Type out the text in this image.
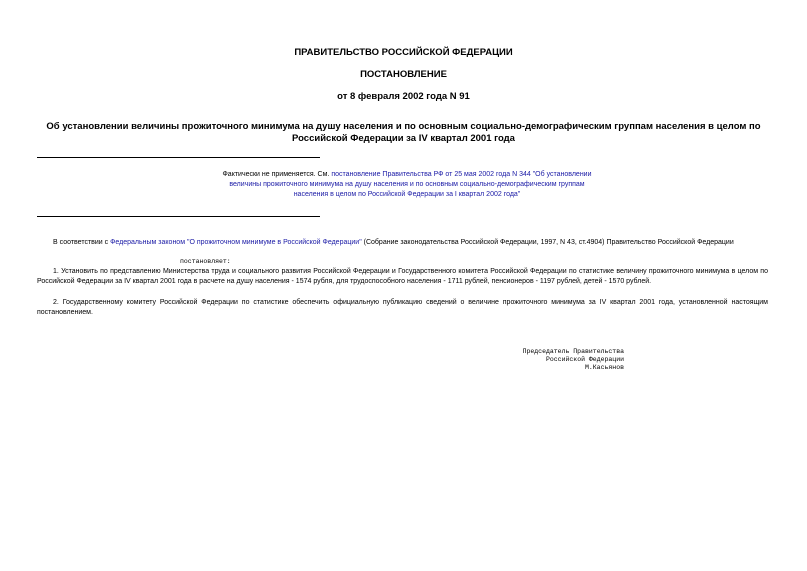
ПРАВИТЕЛЬСТВО РОССИЙСКОЙ ФЕДЕРАЦИИ
ПОСТАНОВЛЕНИЕ
от 8 февраля 2002 года N 91
Об установлении величины прожиточного минимума на душу населения и по основным социально-демографическим группам населения в целом по Российской Федерации за IV квартал 2001 года
Фактически не применяется. См. постановление Правительства РФ от 25 мая 2002 года N 344 "Об установлении величины прожиточного минимума на душу населения и по основным социально-демографическим группам населения в целом по Российской Федерации за I квартал 2002 года"
В соответствии с Федеральным законом "О прожиточном минимуме в Российской Федерации" (Собрание законодательства Российской Федерации, 1997, N 43, ст.4904) Правительство Российской Федерации
постановляет:
1. Установить по представлению Министерства труда и социального развития Российской Федерации и Государственного комитета Российской Федерации по статистике величину прожиточного минимума в целом по Российской Федерации за IV квартал 2001 года в расчете на душу населения - 1574 рубля, для трудоспособного населения - 1711 рублей, пенсионеров - 1197 рублей, детей - 1570 рублей.
2. Государственному комитету Российской Федерации по статистике обеспечить официальную публикацию сведений о величине прожиточного минимума за IV квартал 2001 года, установленной настоящим постановлением.
Председатель Правительства
Российской Федерации
М.Касьянов
